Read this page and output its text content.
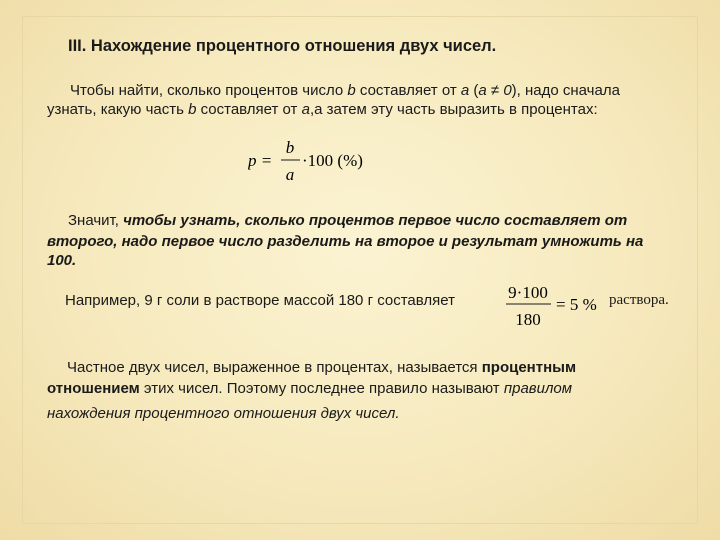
III. Нахождение процентного отношения двух чисел.
Чтобы найти, сколько процентов число b составляет от a (a ≠ 0), надо сначала
узнать, какую часть b составляет от a,а затем эту часть выразить в процентах:
p =
b
a
·100 (%)
Значит, чтобы узнать, сколько процентов первое число составляет от
второго, надо первое число разделить на второе и результат умножить на
100.
Например, 9 г соли в растворе массой 180 г составляет	9·100
180
= 5 % раствора.
Частное двух чисел, выраженное в процентах, называется процентным
отношением этих чисел. Поэтому последнее правило называют правилом
нахождения процентного отношения двух чисел.
